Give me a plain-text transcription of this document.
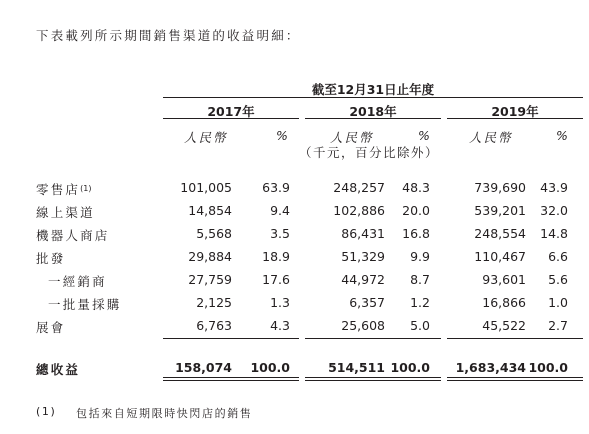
下表載列所示期間銷售渠道的收益明細：
截至12月31日止年度
2017年	2018年	2019年
人民幣	%	人民幣	%	人民幣	%
（千元，百分比除外）
零售店$^{(1)}$	101,005	63.9	248,257	48.3	739,690	43.9
線上渠道	14,854	9.4	102,886	20.0	539,201	32.0
機器人商店	5,568	3.5	86,431	16.8	248,554	14.8
批發	29,884	18.9	51,329	9.9	110,467	6.6
一經銷商	27,759	17.6	44,972	8.7	93,601	5.6
一批量採購	2,125	1.3	6,357	1.2	16,866	1.0
展會	6,763	4.3	25,608	5.0	45,522	2.7
總收益	158,074	100.0	514,511 100.0	1,683,434 100.0
(1) 包括來自短期限時快閃店的銷售
